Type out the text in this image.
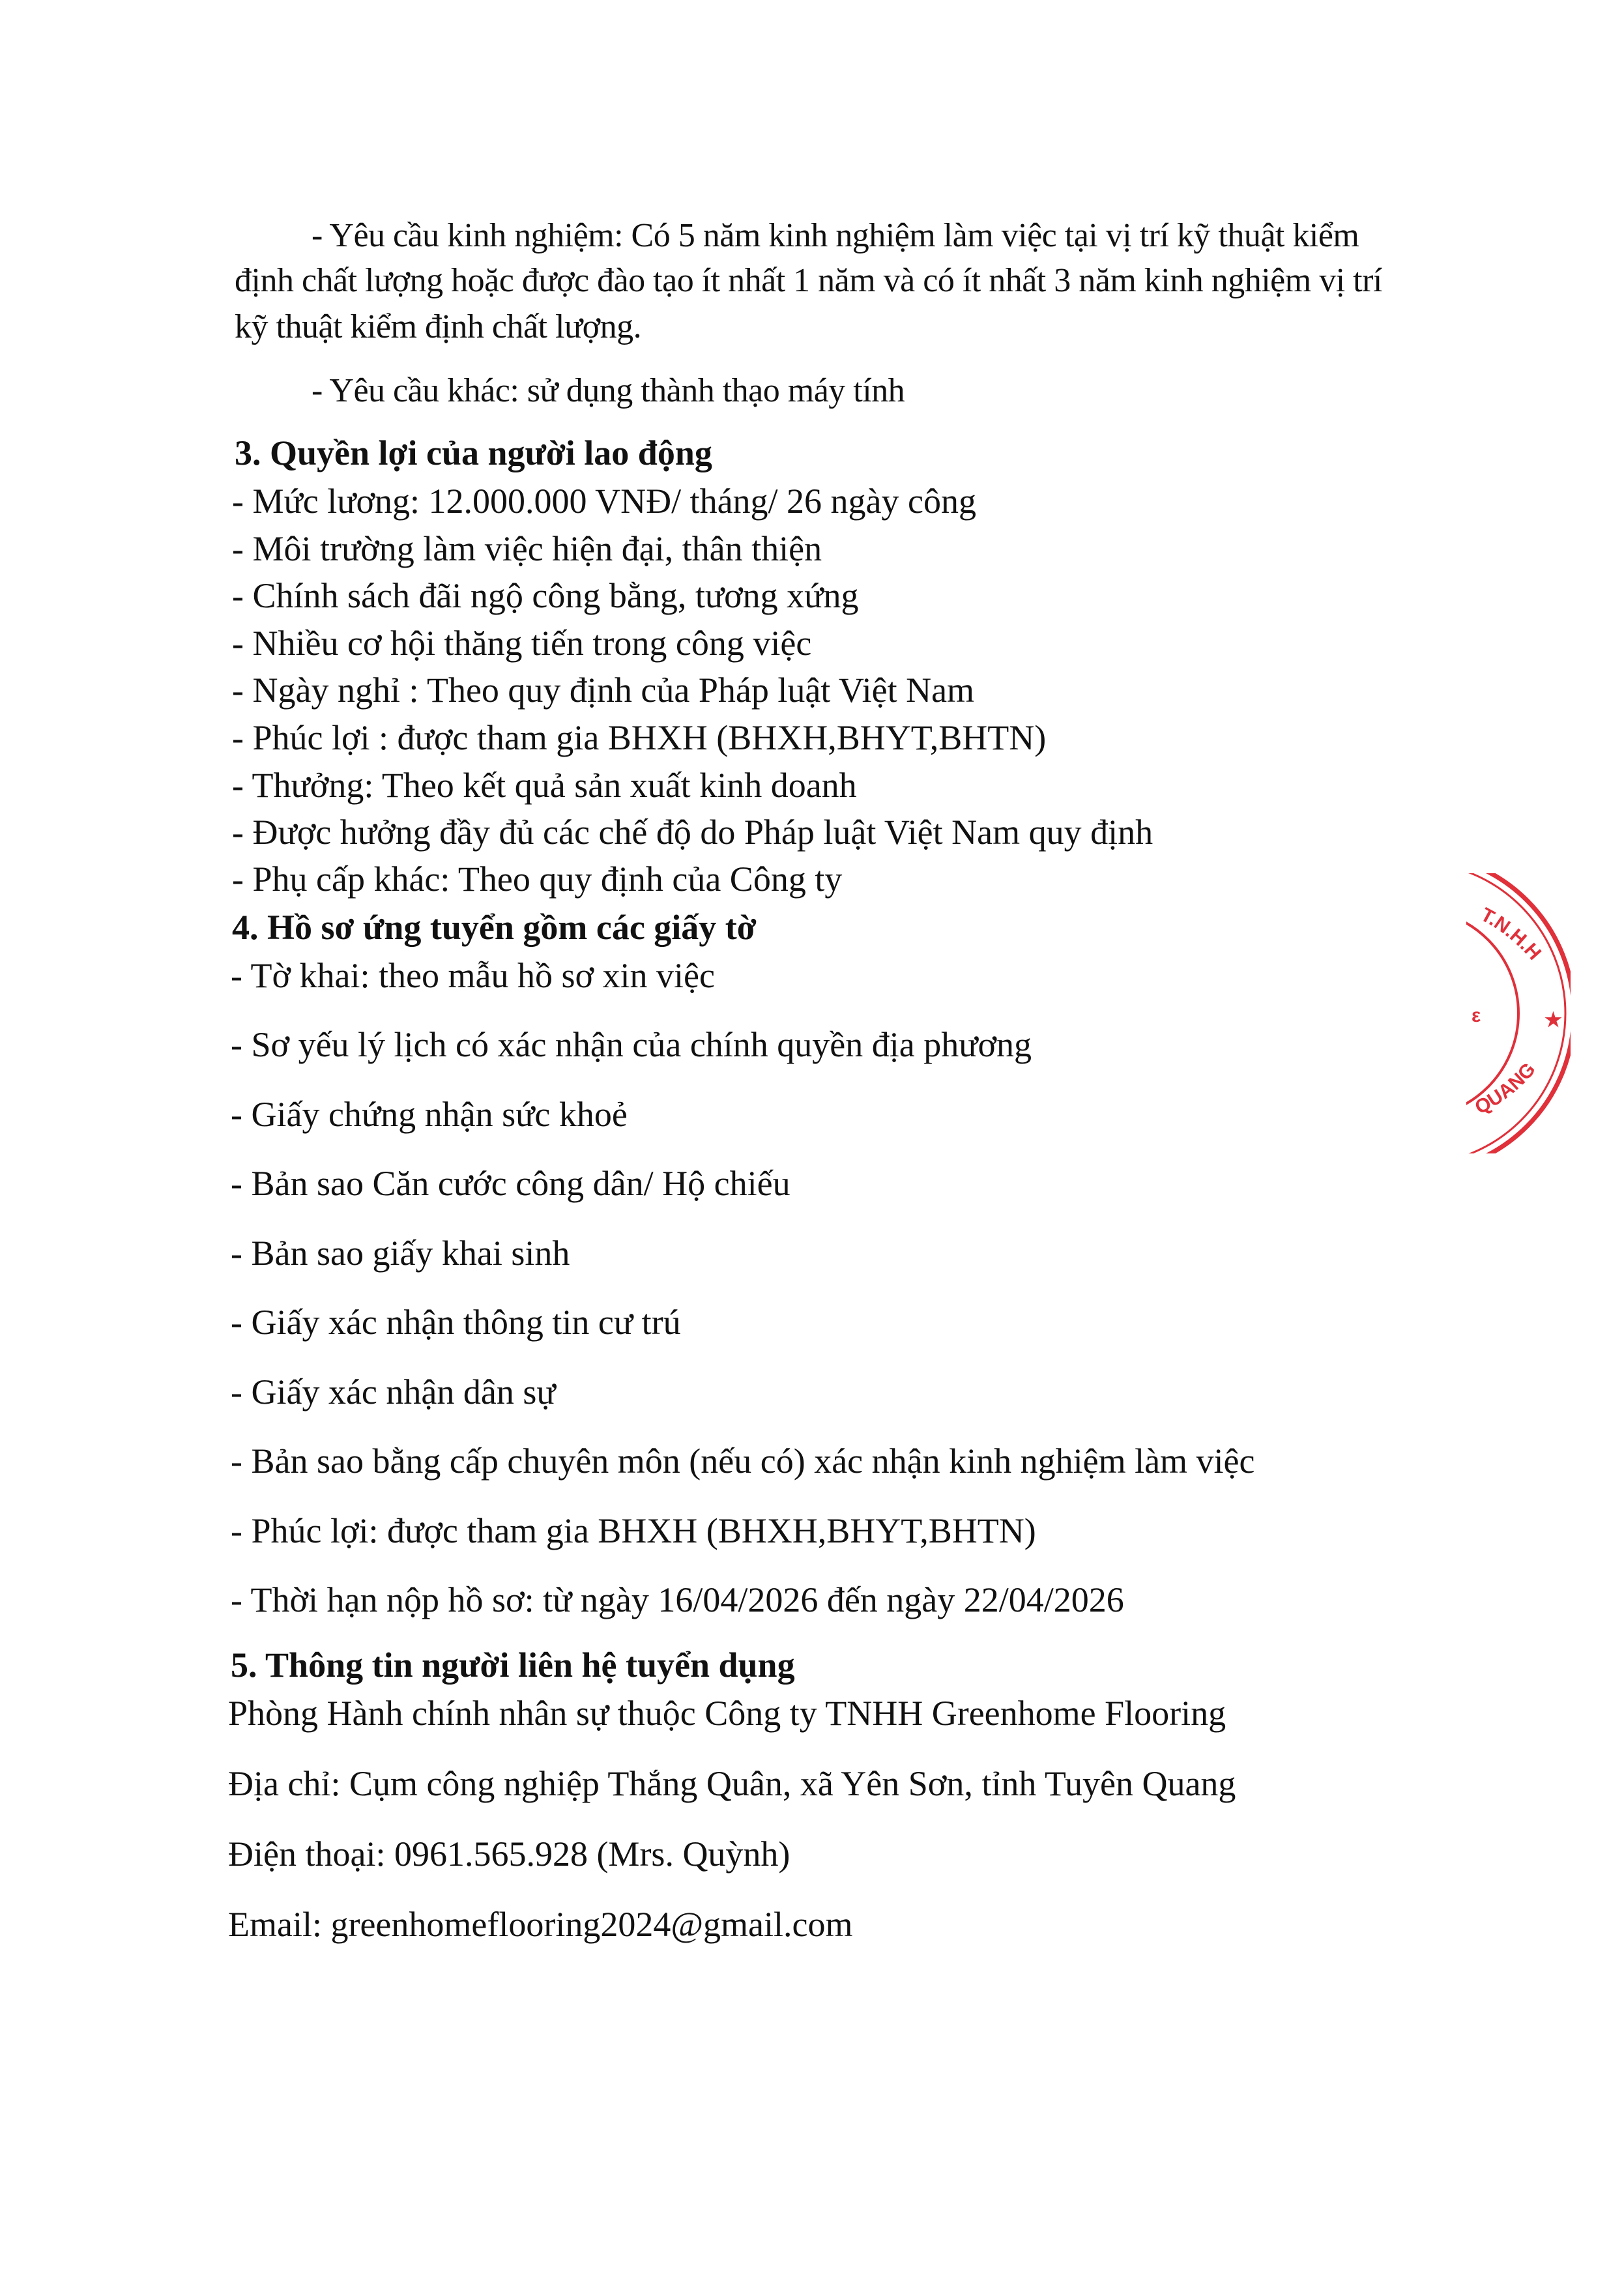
- Yêu cầu kinh nghiệm: Có 5 năm kinh nghiệm làm việc tại vị trí kỹ thuật kiểm
định chất lượng hoặc được đào tạo ít nhất 1 năm và có ít nhất 3 năm kinh nghiệm vị trí
kỹ thuật kiểm định chất lượng.
- Yêu cầu khác: sử dụng thành thạo máy tính
3. Quyền lợi của người lao động
- Mức lương: 12.000.000 VNĐ/ tháng/ 26 ngày công
- Môi trường làm việc hiện đại, thân thiện
- Chính sách đãi ngộ công bằng, tương xứng
- Nhiều cơ hội thăng tiến trong công việc
- Ngày nghỉ : Theo quy định của Pháp luật Việt Nam
- Phúc lợi : được tham gia BHXH (BHXH,BHYT,BHTN)
- Thưởng: Theo kết quả sản xuất kinh doanh
- Được hưởng đầy đủ các chế độ do Pháp luật Việt Nam quy định
- Phụ cấp khác: Theo quy định của Công ty
4. Hồ sơ ứng tuyển gồm các giấy tờ
- Tờ khai: theo mẫu hồ sơ xin việc
- Sơ yếu lý lịch có xác nhận của chính quyền địa phương
- Giấy chứng nhận sức khoẻ
- Bản sao Căn cước công dân/ Hộ chiếu
- Bản sao giấy khai sinh
- Giấy xác nhận thông tin cư trú
- Giấy xác nhận dân sự
- Bản sao bằng cấp chuyên môn (nếu có) xác nhận kinh nghiệm làm việc
- Phúc lợi: được tham gia BHXH (BHXH,BHYT,BHTN)
- Thời hạn nộp hồ sơ: từ ngày 16/04/2026 đến ngày 22/04/2026
5. Thông tin người liên hệ tuyển dụng
Phòng Hành chính nhân sự thuộc Công ty TNHH Greenhome Flooring
Địa chỉ: Cụm công nghiệp Thắng Quân, xã Yên Sơn, tỉnh Tuyên Quang
Điện thoại: 0961.565.928 (Mrs. Quỳnh)
Email: greenhomeflooring2024@gmail.com
T.N.H.H
QUANG
★
ε
